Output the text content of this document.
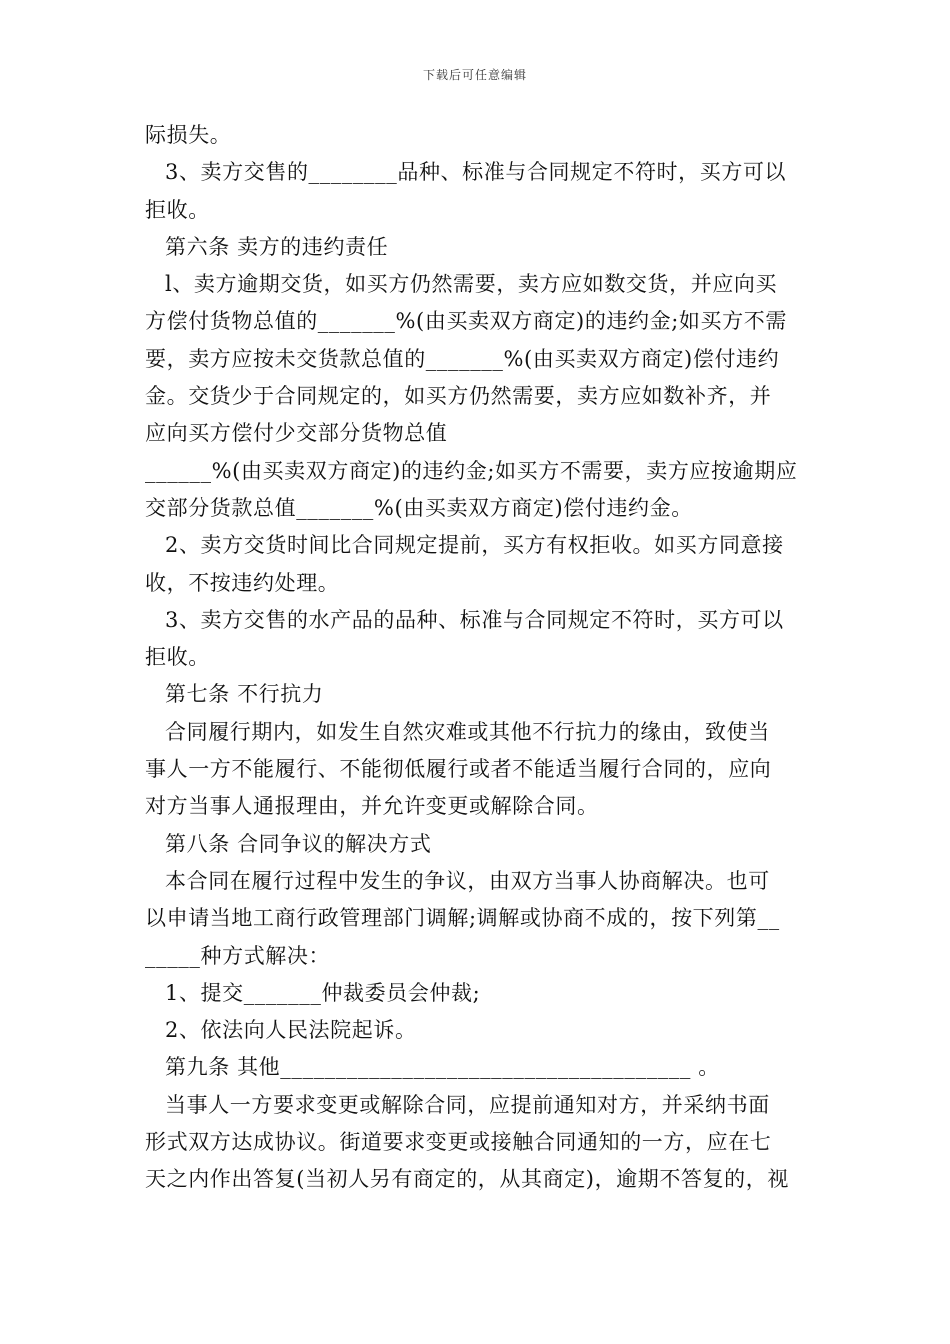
下载后可任意编辑
际损失。
3、卖方交售的________品种、标准与合同规定不符时，买方可以
拒收。
第六条 卖方的违约责任
l、卖方逾期交货，如买方仍然需要，卖方应如数交货，并应向买
方偿付货物总值的_______%(由买卖双方商定)的违约金;如买方不需
要，卖方应按未交货款总值的_______%(由买卖双方商定)偿付违约
金。交货少于合同规定的，如买方仍然需要，卖方应如数补齐，并
应向买方偿付少交部分货物总值
______%(由买卖双方商定)的违约金;如买方不需要，卖方应按逾期应
交部分货款总值_______%(由买卖双方商定)偿付违约金。
2、卖方交货时间比合同规定提前，买方有权拒收。如买方同意接
收，不按违约处理。
3、卖方交售的水产品的品种、标准与合同规定不符时，买方可以
拒收。
第七条 不行抗力
合同履行期内，如发生自然灾难或其他不行抗力的缘由，致使当
事人一方不能履行、不能彻低履行或者不能适当履行合同的，应向
对方当事人通报理由，并允许变更或解除合同。
第八条 合同争议的解决方式
本合同在履行过程中发生的争议，由双方当事人协商解决。也可
以申请当地工商行政管理部门调解;调解或协商不成的，按下列第__
_____种方式解决：
1、提交_______仲裁委员会仲裁;
2、依法向人民法院起诉。
第九条 其他_____________________________________ 。
当事人一方要求变更或解除合同，应提前通知对方，并采纳书面
形式双方达成协议。街道要求变更或接触合同通知的一方，应在七
天之内作出答复(当初人另有商定的，从其商定)，逾期不答复的，视
